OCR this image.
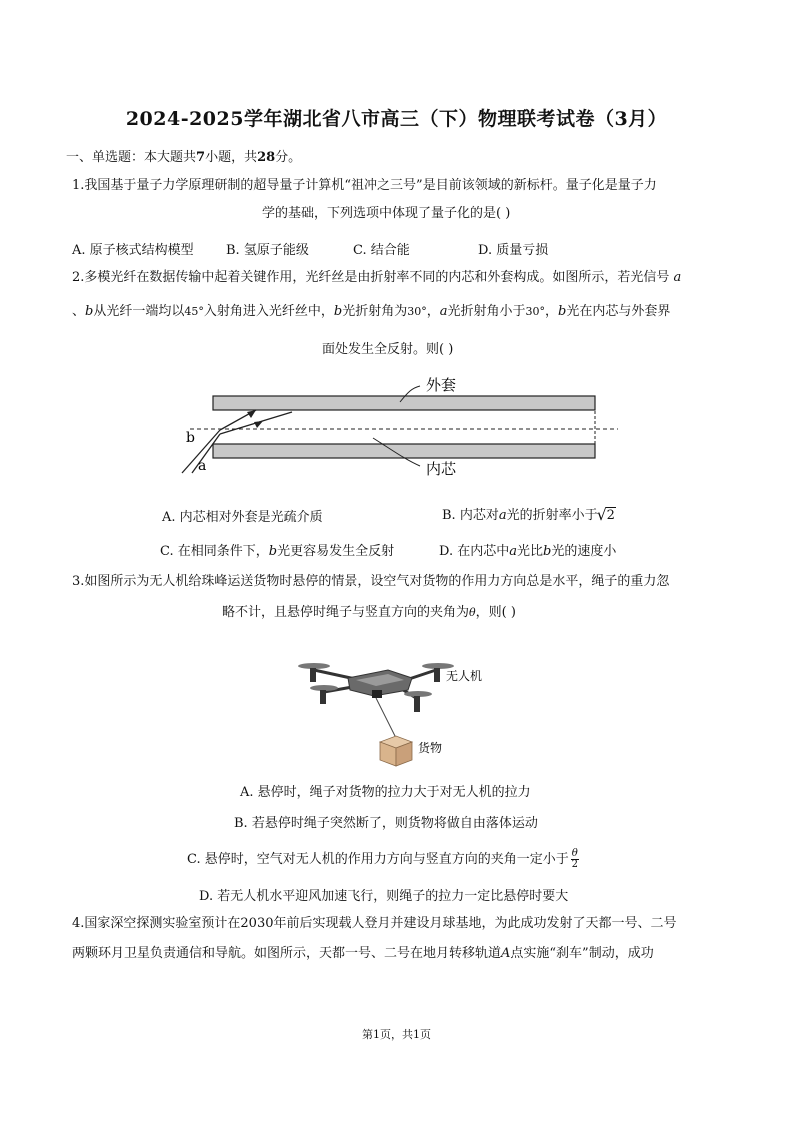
2024-2025学年湖北省八市高三（下）物理联考试卷（3月）
一、单选题：本大题共7小题，共28分。
1.我国基于量子力学原理研制的超导量子计算机“祖冲之三号”是目前该领域的新标杆。量子化是量子力
学的基础，下列选项中体现了量子化的是( )
A. 原子核式结构模型 B. 氢原子能级	C. 结合能	D. 质量亏损
2.多模光纤在数据传输中起着关键作用，光纤丝是由折射率不同的内芯和外套构成。如图所示，若光信号 a
、b从光纤一端均以45°入射角进入光纤丝中，b光折射角为30°，a光折射角小于30°，b光在内芯与外套界
面处发生全反射。则( )
外套
内芯
b
a
A. 内芯相对外套是光疏介质	B. 内芯对a光的折射率小于√ 2
C. 在相同条件下，b光更容易发生全反射	D. 在内芯中a光比b光的速度小
3.如图所示为无人机给珠峰运送货物时悬停的情景，设空气对货物的作用力方向总是水平，绳子的重力忽
略不计，且悬停时绳子与竖直方向的夹角为θ，则( )
无人机
货物
A. 悬停时，绳子对货物的拉力大于对无人机的拉力
B. 若悬停时绳子突然断了，则货物将做自由落体运动
C. 悬停时，空气对无人机的作用力方向与竖直方向的夹角一定小于 $\frac{\theta}{2}$
D. 若无人机水平迎风加速飞行，则绳子的拉力一定比悬停时要大
4.国家深空探测实验室预计在2030年前后实现载人登月并建设月球基地，为此成功发射了天都一号、二号
两颗环月卫星负责通信和导航。如图所示，天都一号、二号在地月转移轨道A点实施“刹车”制动，成功
第1页，共1页
